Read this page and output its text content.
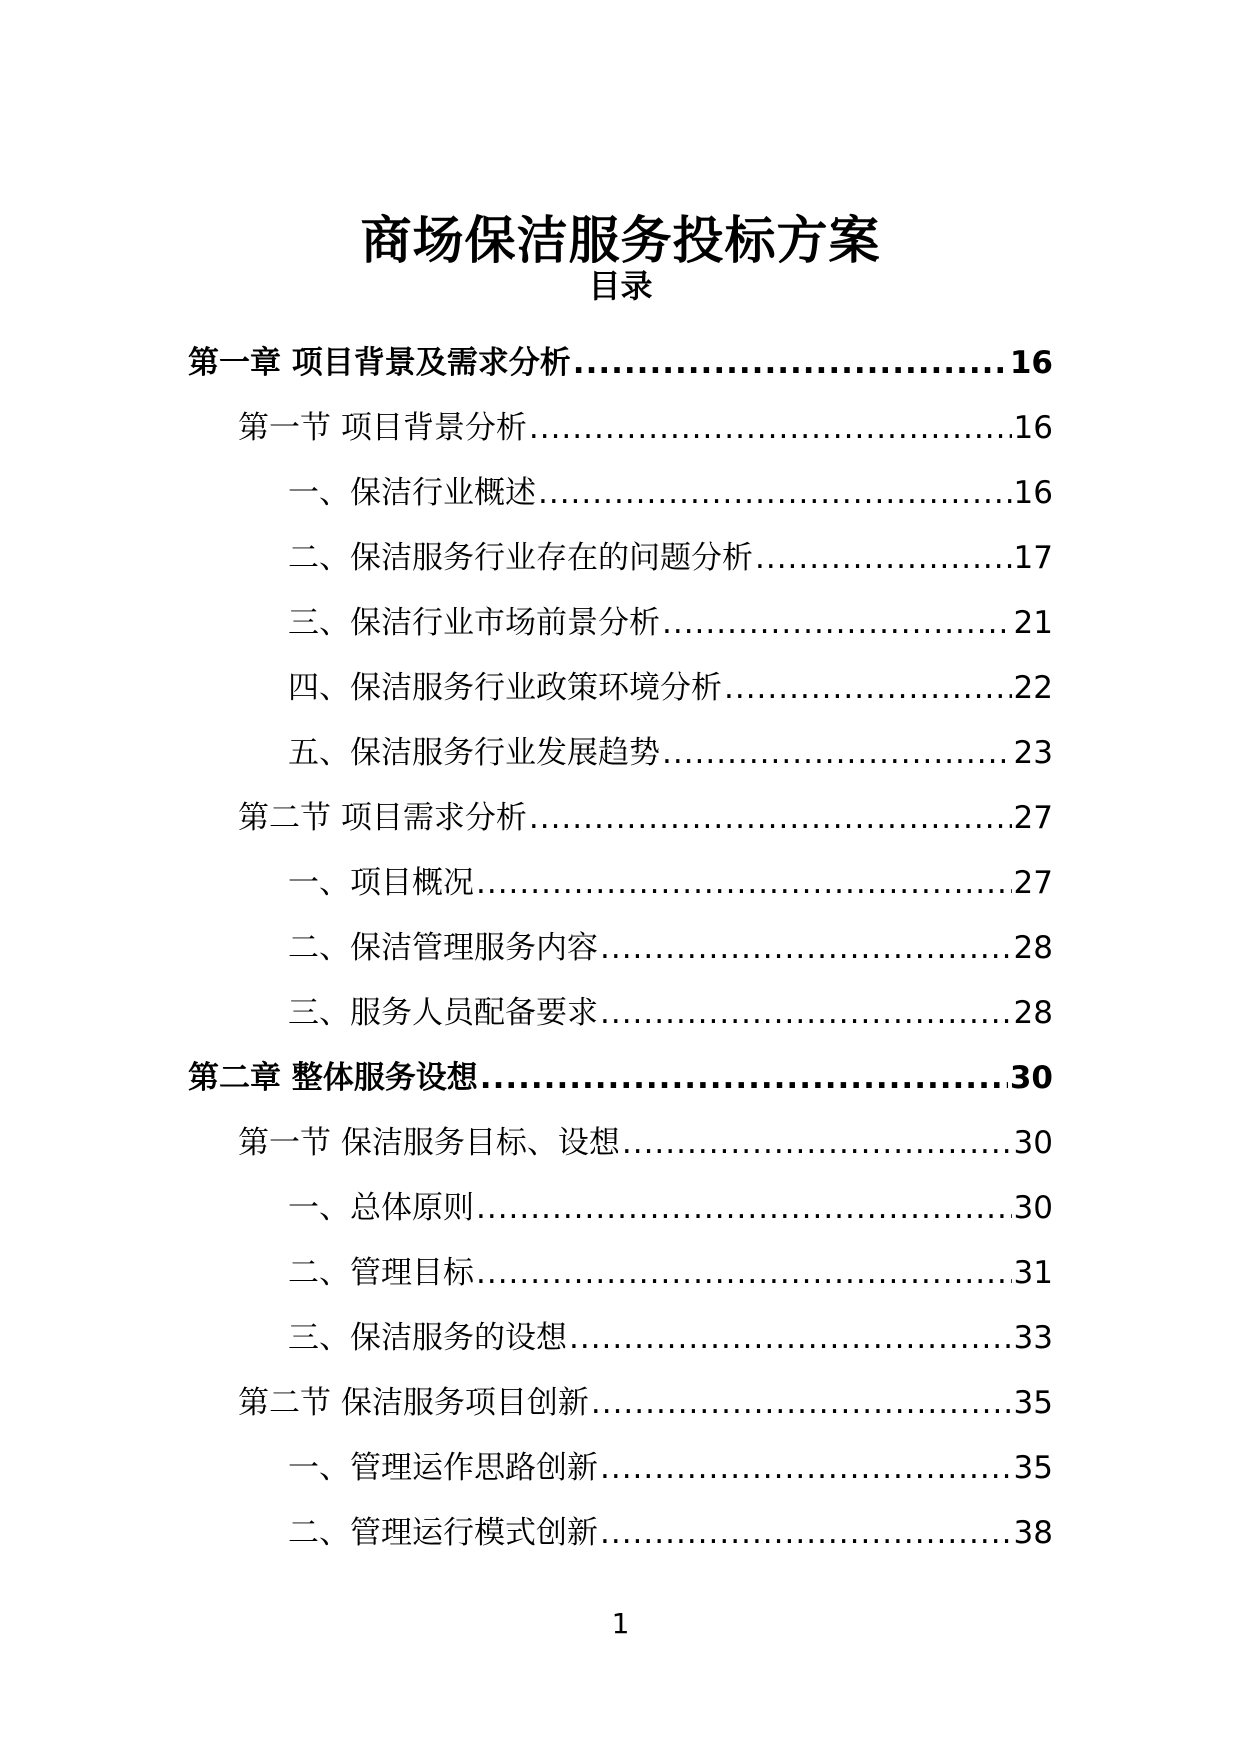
商场保洁服务投标方案
目录
第一章 项目背景及需求分析 .....	16
第一节 项目背景分析 .....	16
一、保洁行业概述 .....	16
二、保洁服务行业存在的问题分析 .....	17
三、保洁行业市场前景分析 .....	21
四、保洁服务行业政策环境分析 .....	22
五、保洁服务行业发展趋势 .....	23
第二节 项目需求分析 .....	27
一、项目概况 .....	27
二、保洁管理服务内容 .....	28
三、服务人员配备要求 .....	28
第二章 整体服务设想 .....	30
第一节 保洁服务目标、设想 .....	30
一、总体原则 .....	30
二、管理目标 .....	31
三、保洁服务的设想 .....	33
第二节 保洁服务项目创新 .....	35
一、管理运作思路创新 .....	35
二、管理运行模式创新 .....	38
1
